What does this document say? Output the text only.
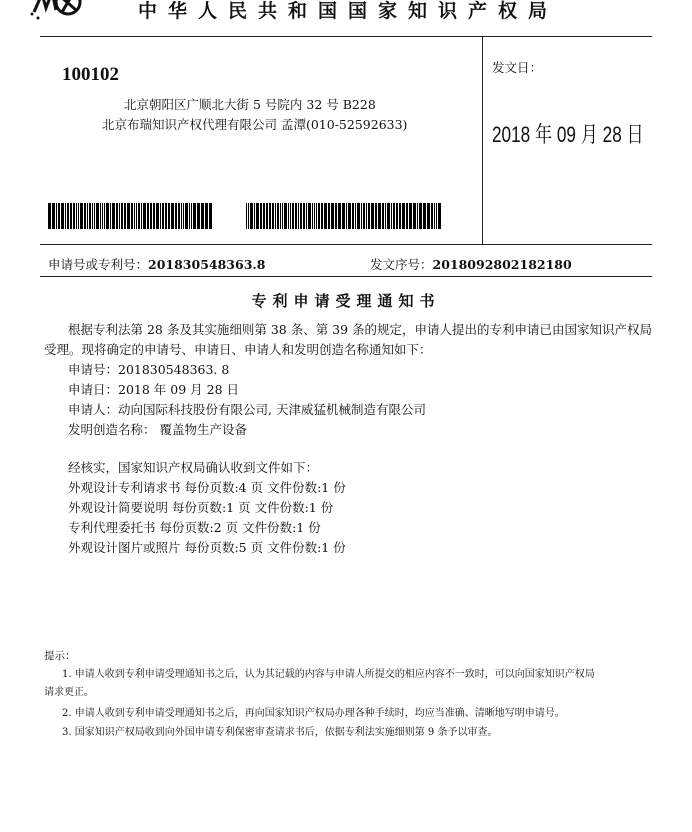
中华人民共和国国家知识产权局
100102
北京朝阳区广顺北大街 5 号院内 32 号 B228
北京布瑞知识产权代理有限公司 孟潭(010-52592633)
发文日：
2018 年 09 月 28 日
申请号或专利号：201830548363.8	发文序号：2018092802182180
专利申请受理通知书
根据专利法第 28 条及其实施细则第 38 条、第 39 条的规定，申请人提出的专利申请已由国家知识产权局受理。现将确定的申请号、申请日、申请人和发明创造名称通知如下：
申请号：201830548363. 8
申请日：2018 年 09 月 28 日
申请人：动向国际科技股份有限公司, 天津威猛机械制造有限公司
发明创造名称： 覆盖物生产设备
经核实，国家知识产权局确认收到文件如下：
外观设计专利请求书 每份页数:4 页 文件份数:1 份
外观设计简要说明 每份页数:1 页 文件份数:1 份
专利代理委托书 每份页数:2 页 文件份数:1 份
外观设计图片或照片 每份页数:5 页 文件份数:1 份
提示：
1. 申请人收到专利申请受理通知书之后，认为其记载的内容与申请人所提交的相应内容不一致时，可以向国家知识产权局
请求更正。
2. 申请人收到专利申请受理通知书之后，再向国家知识产权局办理各种手续时，均应当准确、清晰地写明申请号。
3. 国家知识产权局收到向外国申请专利保密审查请求书后，依据专利法实施细则第 9 条予以审查。
